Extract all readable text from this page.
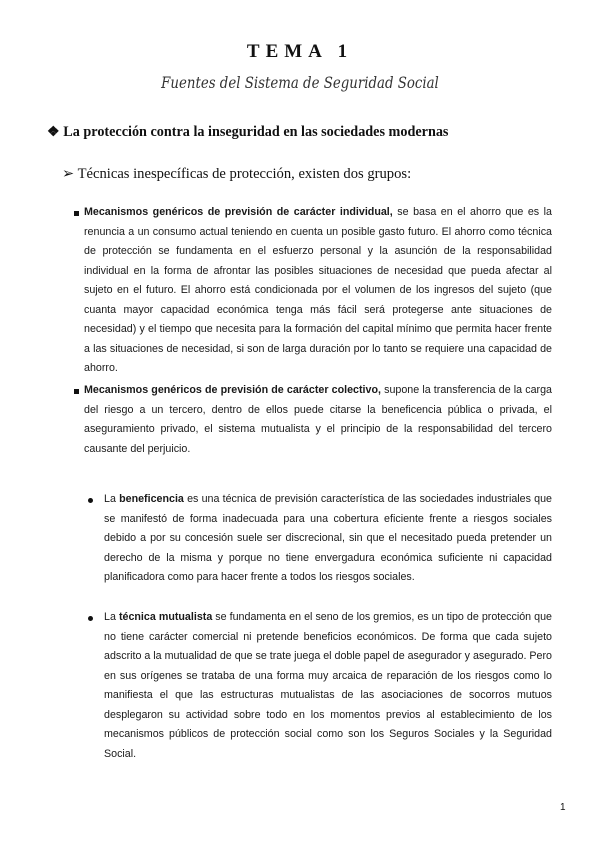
TEMA 1
Fuentes del Sistema de Seguridad Social
❖ La protección contra la inseguridad en las sociedades modernas
➢ Técnicas inespecíficas de protección, existen dos grupos:
Mecanismos genéricos de previsión de carácter individual, se basa en el ahorro que es la renuncia a un consumo actual teniendo en cuenta un posible gasto futuro. El ahorro como técnica de protección se fundamenta en el esfuerzo personal y la asunción de la responsabilidad individual en la forma de afrontar las posibles situaciones de necesidad que pueda afectar al sujeto en el futuro. El ahorro está condicionada por el volumen de los ingresos del sujeto (que cuanta mayor capacidad económica tenga más fácil será protegerse ante situaciones de necesidad) y el tiempo que necesita para la formación del capital mínimo que permita hacer frente a las situaciones de necesidad, si son de larga duración por lo tanto se requiere una capacidad de ahorro.
Mecanismos genéricos de previsión de carácter colectivo, supone la transferencia de la carga del riesgo a un tercero, dentro de ellos puede citarse la beneficencia pública o privada, el aseguramiento privado, el sistema mutualista y el principio de la responsabilidad del tercero causante del perjuicio.
La beneficencia es una técnica de previsión característica de las sociedades industriales que se manifestó de forma inadecuada para una cobertura eficiente frente a riesgos sociales debido a por su concesión suele ser discrecional, sin que el necesitado pueda pretender un derecho de la misma y porque no tiene envergadura económica suficiente ni capacidad planificadora como para hacer frente a todos los riesgos sociales.
La técnica mutualista se fundamenta en el seno de los gremios, es un tipo de protección que no tiene carácter comercial ni pretende beneficios económicos. De forma que cada sujeto adscrito a la mutualidad de que se trate juega el doble papel de asegurador y asegurado. Pero en sus orígenes se trataba de una forma muy arcaica de reparación de los riesgos como lo manifiesta el que las estructuras mutualistas de las asociaciones de socorros mutuos desplegaron su actividad sobre todo en los momentos previos al establecimiento de los mecanismos públicos de protección social como son los Seguros Sociales y la Seguridad Social.
1
